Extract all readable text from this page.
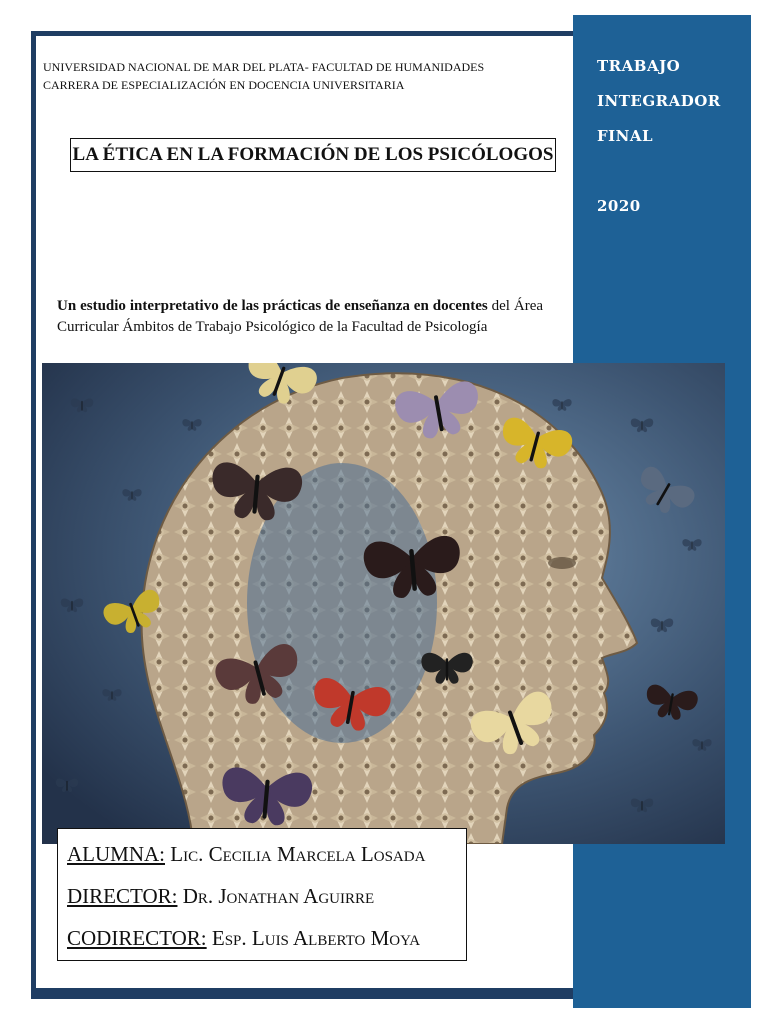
TRABAJO
INTEGRADOR
FINAL
2020
UNIVERSIDAD NACIONAL DE MAR DEL PLATA- FACULTAD DE HUMANIDADES
CARRERA DE ESPECIALIZACIÓN EN DOCENCIA UNIVERSITARIA
LA ÉTICA EN LA FORMACIÓN DE LOS PSICÓLOGOS
Un estudio interpretativo de las prácticas de enseñanza en docentes del Área Curricular Ámbitos de Trabajo Psicológico de la Facultad de Psicología
ALUMNA: Lic. Cecilia Marcela Losada
DIRECTOR: Dr. Jonathan Aguirre
CODIRECTOR: Esp. Luis Alberto Moya
